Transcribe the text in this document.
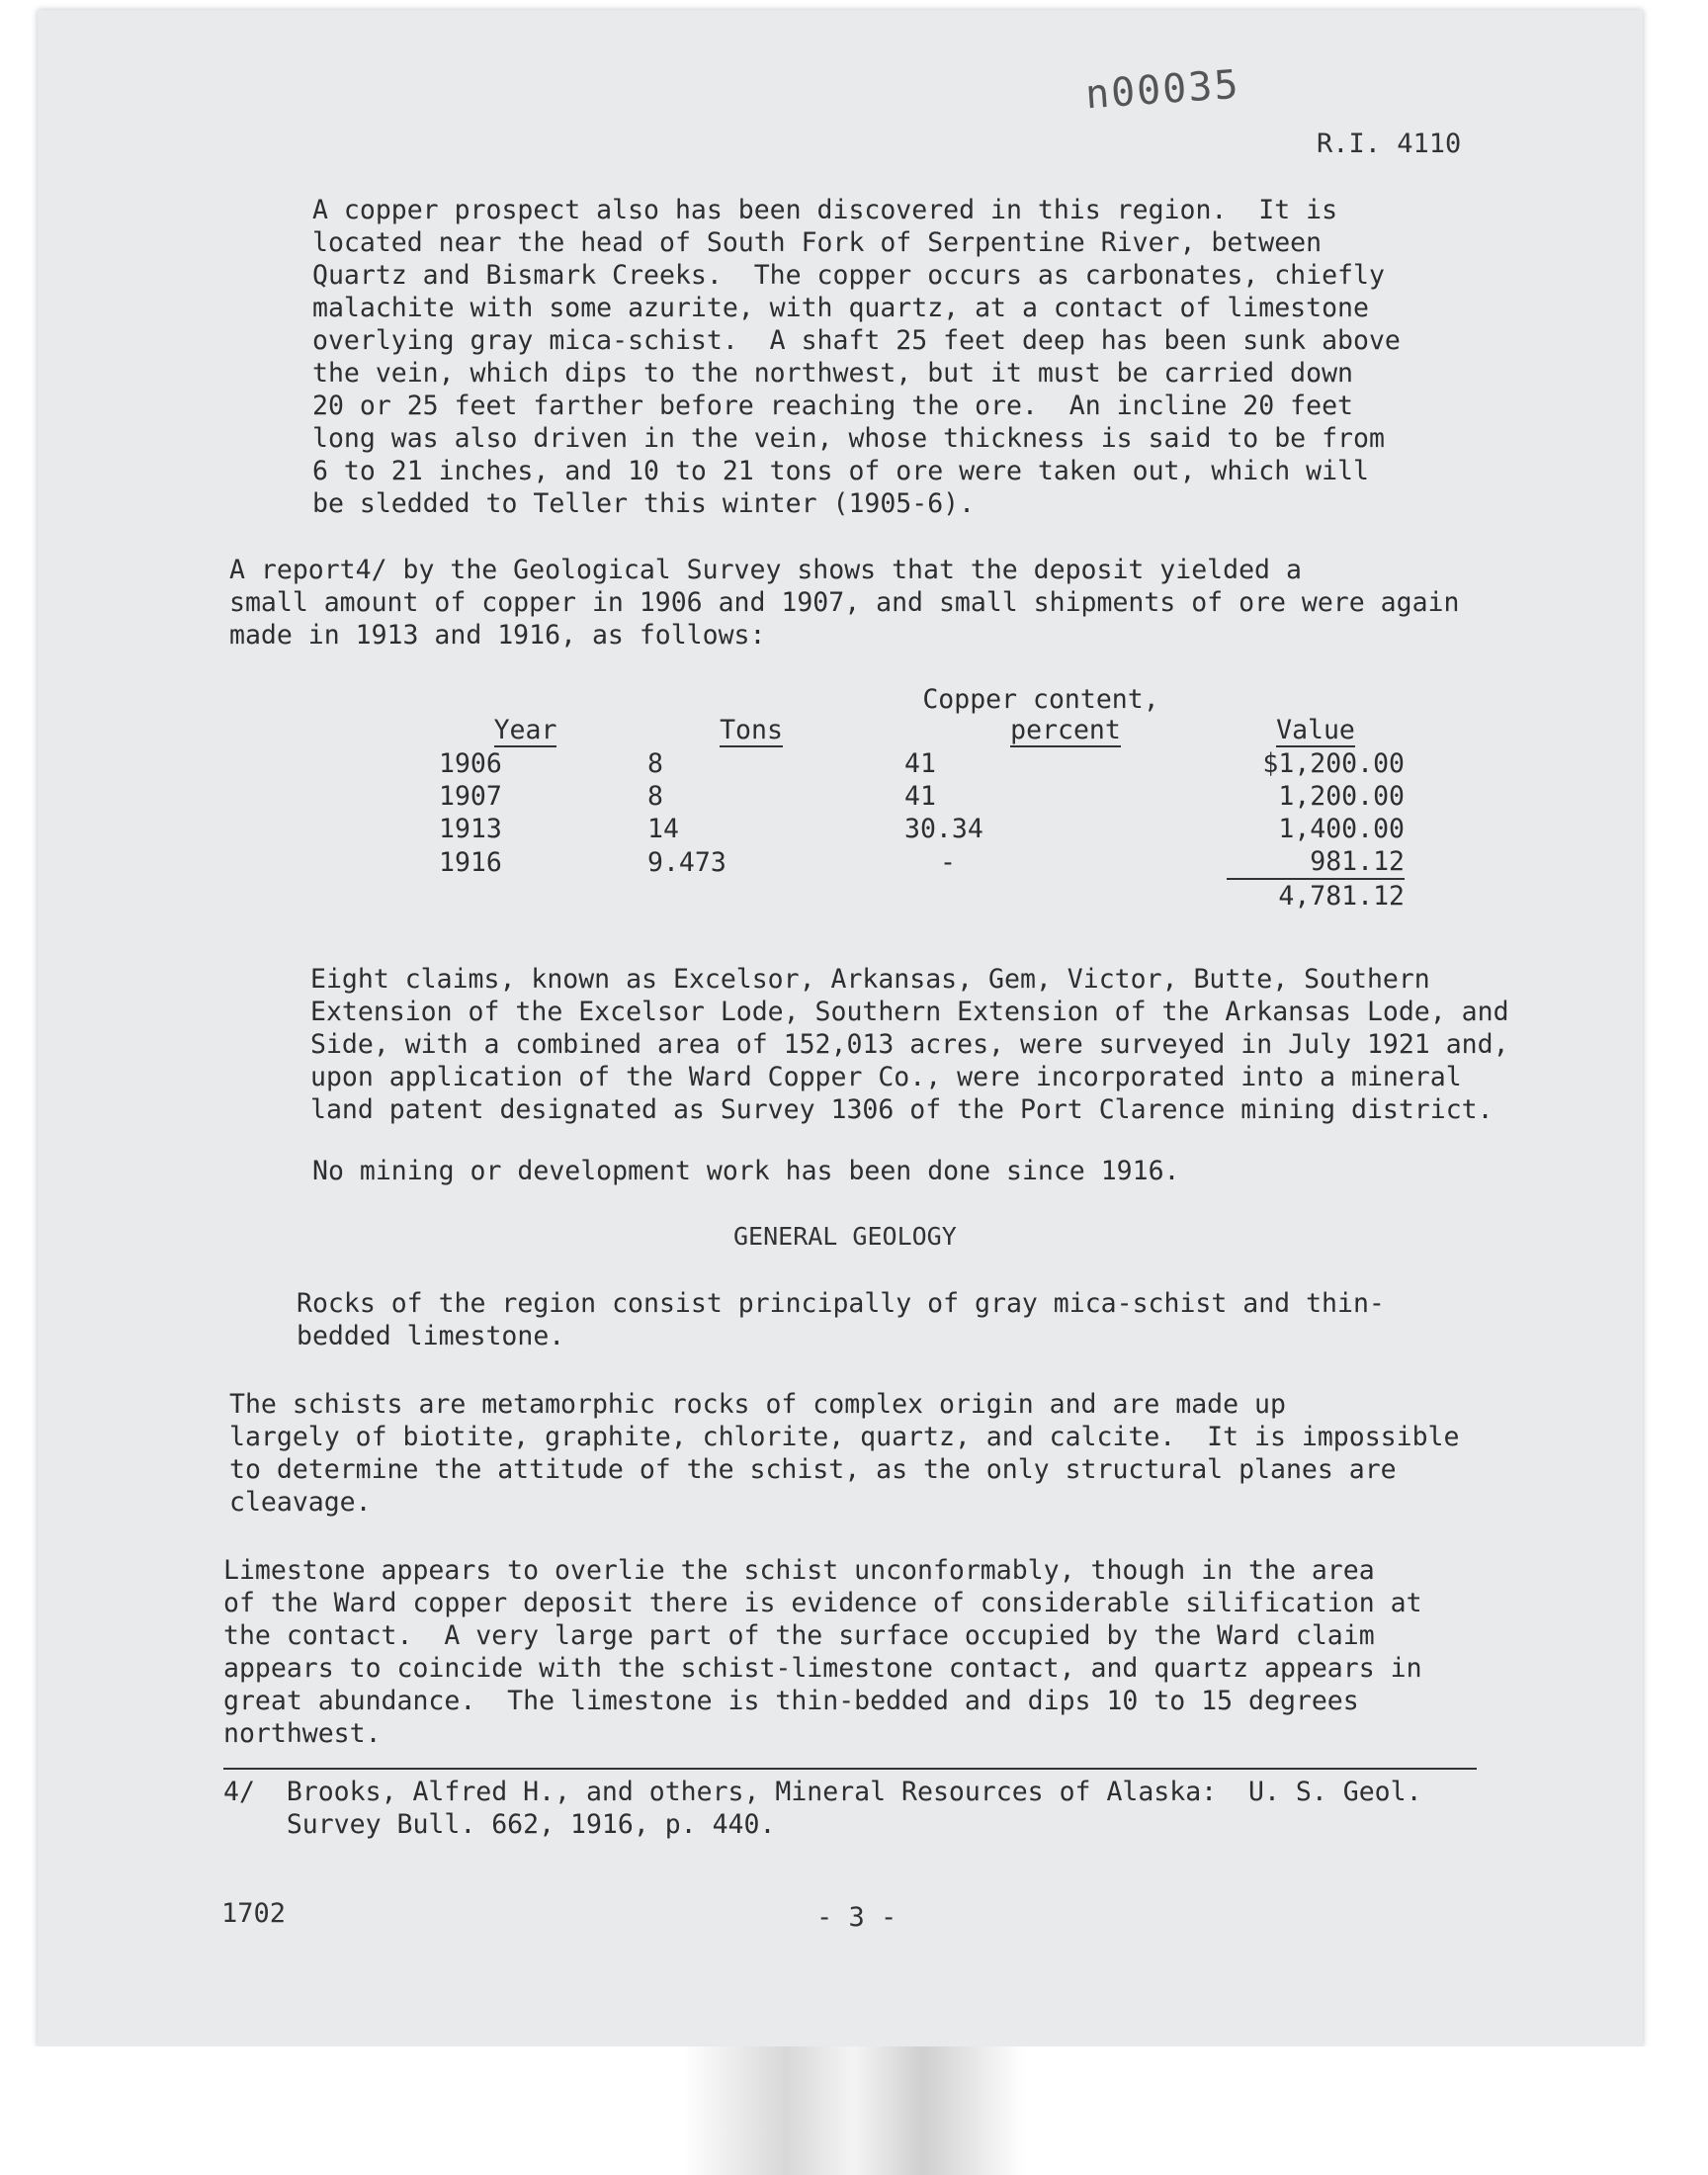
n00035
R.I. 4110
A copper prospect also has been discovered in this region.  It is
located near the head of South Fork of Serpentine River, between
Quartz and Bismark Creeks.  The copper occurs as carbonates, chiefly
malachite with some azurite, with quartz, at a contact of limestone
overlying gray mica-schist.  A shaft 25 feet deep has been sunk above
the vein, which dips to the northwest, but it must be carried down
20 or 25 feet farther before reaching the ore.  An incline 20 feet
long was also driven in the vein, whose thickness is said to be from
6 to 21 inches, and 10 to 21 tons of ore were taken out, which will
be sledded to Teller this winter (1905-6).
A report4/ by the Geological Survey shows that the deposit yielded a
small amount of copper in 1906 and 1907, and small shipments of ore were again
made in 1913 and 1916, as follows:
		Copper content,	
Year	Tons	percent	Value
1906	8	41	$1,200.00
1907	8	41	1,200.00
1913	14	30.34	1,400.00
1916	9.473	-	981.12
			4,781.12
Eight claims, known as Excelsor, Arkansas, Gem, Victor, Butte, Southern
Extension of the Excelsor Lode, Southern Extension of the Arkansas Lode, and
Side, with a combined area of 152,013 acres, were surveyed in July 1921 and,
upon application of the Ward Copper Co., were incorporated into a mineral
land patent designated as Survey 1306 of the Port Clarence mining district.
No mining or development work has been done since 1916.
GENERAL GEOLOGY
Rocks of the region consist principally of gray mica-schist and thin-
bedded limestone.
The schists are metamorphic rocks of complex origin and are made up
largely of biotite, graphite, chlorite, quartz, and calcite.  It is impossible
to determine the attitude of the schist, as the only structural planes are
cleavage.
Limestone appears to overlie the schist unconformably, though in the area
of the Ward copper deposit there is evidence of considerable silification at
the contact.  A very large part of the surface occupied by the Ward claim
appears to coincide with the schist-limestone contact, and quartz appears in
great abundance.  The limestone is thin-bedded and dips 10 to 15 degrees
northwest.
4/  Brooks, Alfred H., and others, Mineral Resources of Alaska:  U. S. Geol.
Survey Bull. 662, 1916, p. 440.
1702	- 3 -
